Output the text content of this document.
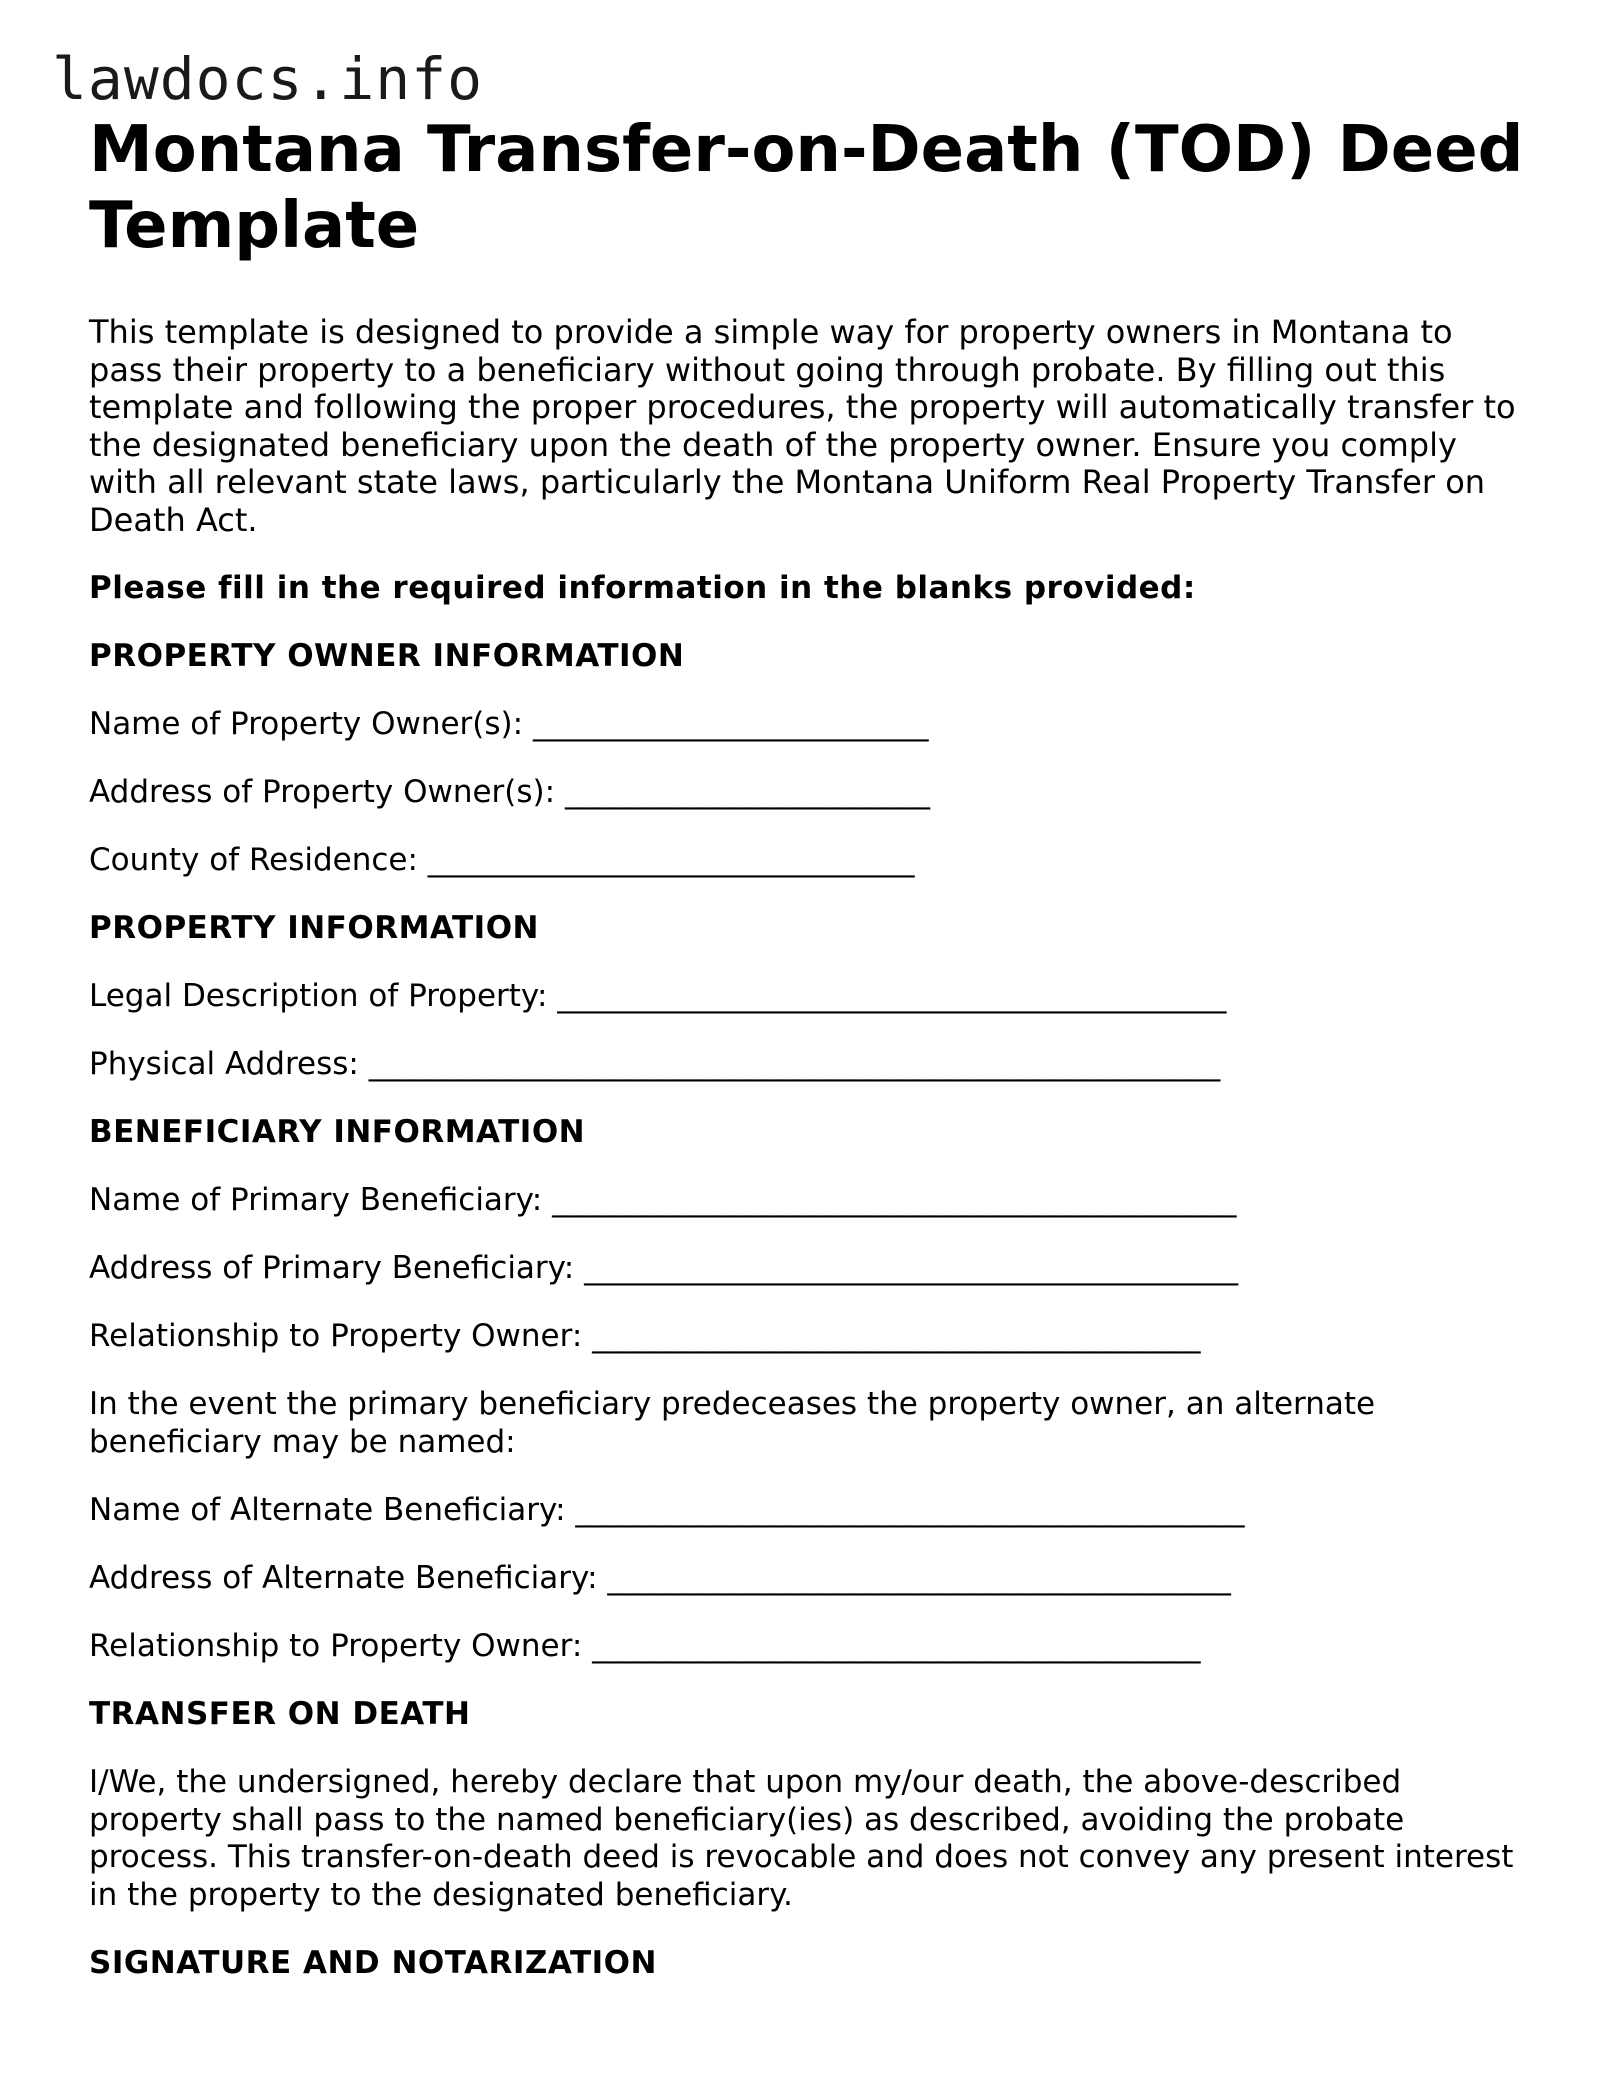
lawdocs.info
Montana Transfer-on-Death (TOD) Deed Template

This template is designed to provide a simple way for property owners in Montana to pass their property to a beneficiary without going through probate. By filling out this template and following the proper procedures, the property will automatically transfer to the designated beneficiary upon the death of the property owner. Ensure you comply with all relevant state laws, particularly the Montana Uniform Real Property Transfer on Death Act.

Please fill in the required information in the blanks provided:

PROPERTY OWNER INFORMATION

Name of Property Owner(s): __________________________

Address of Property Owner(s): ________________________

County of Residence: ________________________________

PROPERTY INFORMATION

Legal Description of Property: ____________________________________________

Physical Address: ________________________________________________________

BENEFICIARY INFORMATION

Name of Primary Beneficiary: _____________________________________________

Address of Primary Beneficiary: ___________________________________________

Relationship to Property Owner: ________________________________________

In the event the primary beneficiary predeceases the property owner, an alternate beneficiary may be named:

Name of Alternate Beneficiary: ____________________________________________

Address of Alternate Beneficiary: _________________________________________

Relationship to Property Owner: ________________________________________

TRANSFER ON DEATH

I/We, the undersigned, hereby declare that upon my/our death, the above-described property shall pass to the named beneficiary(ies) as described, avoiding the probate process. This transfer-on-death deed is revocable and does not convey any present interest in the property to the designated beneficiary.

SIGNATURE AND NOTARIZATION
